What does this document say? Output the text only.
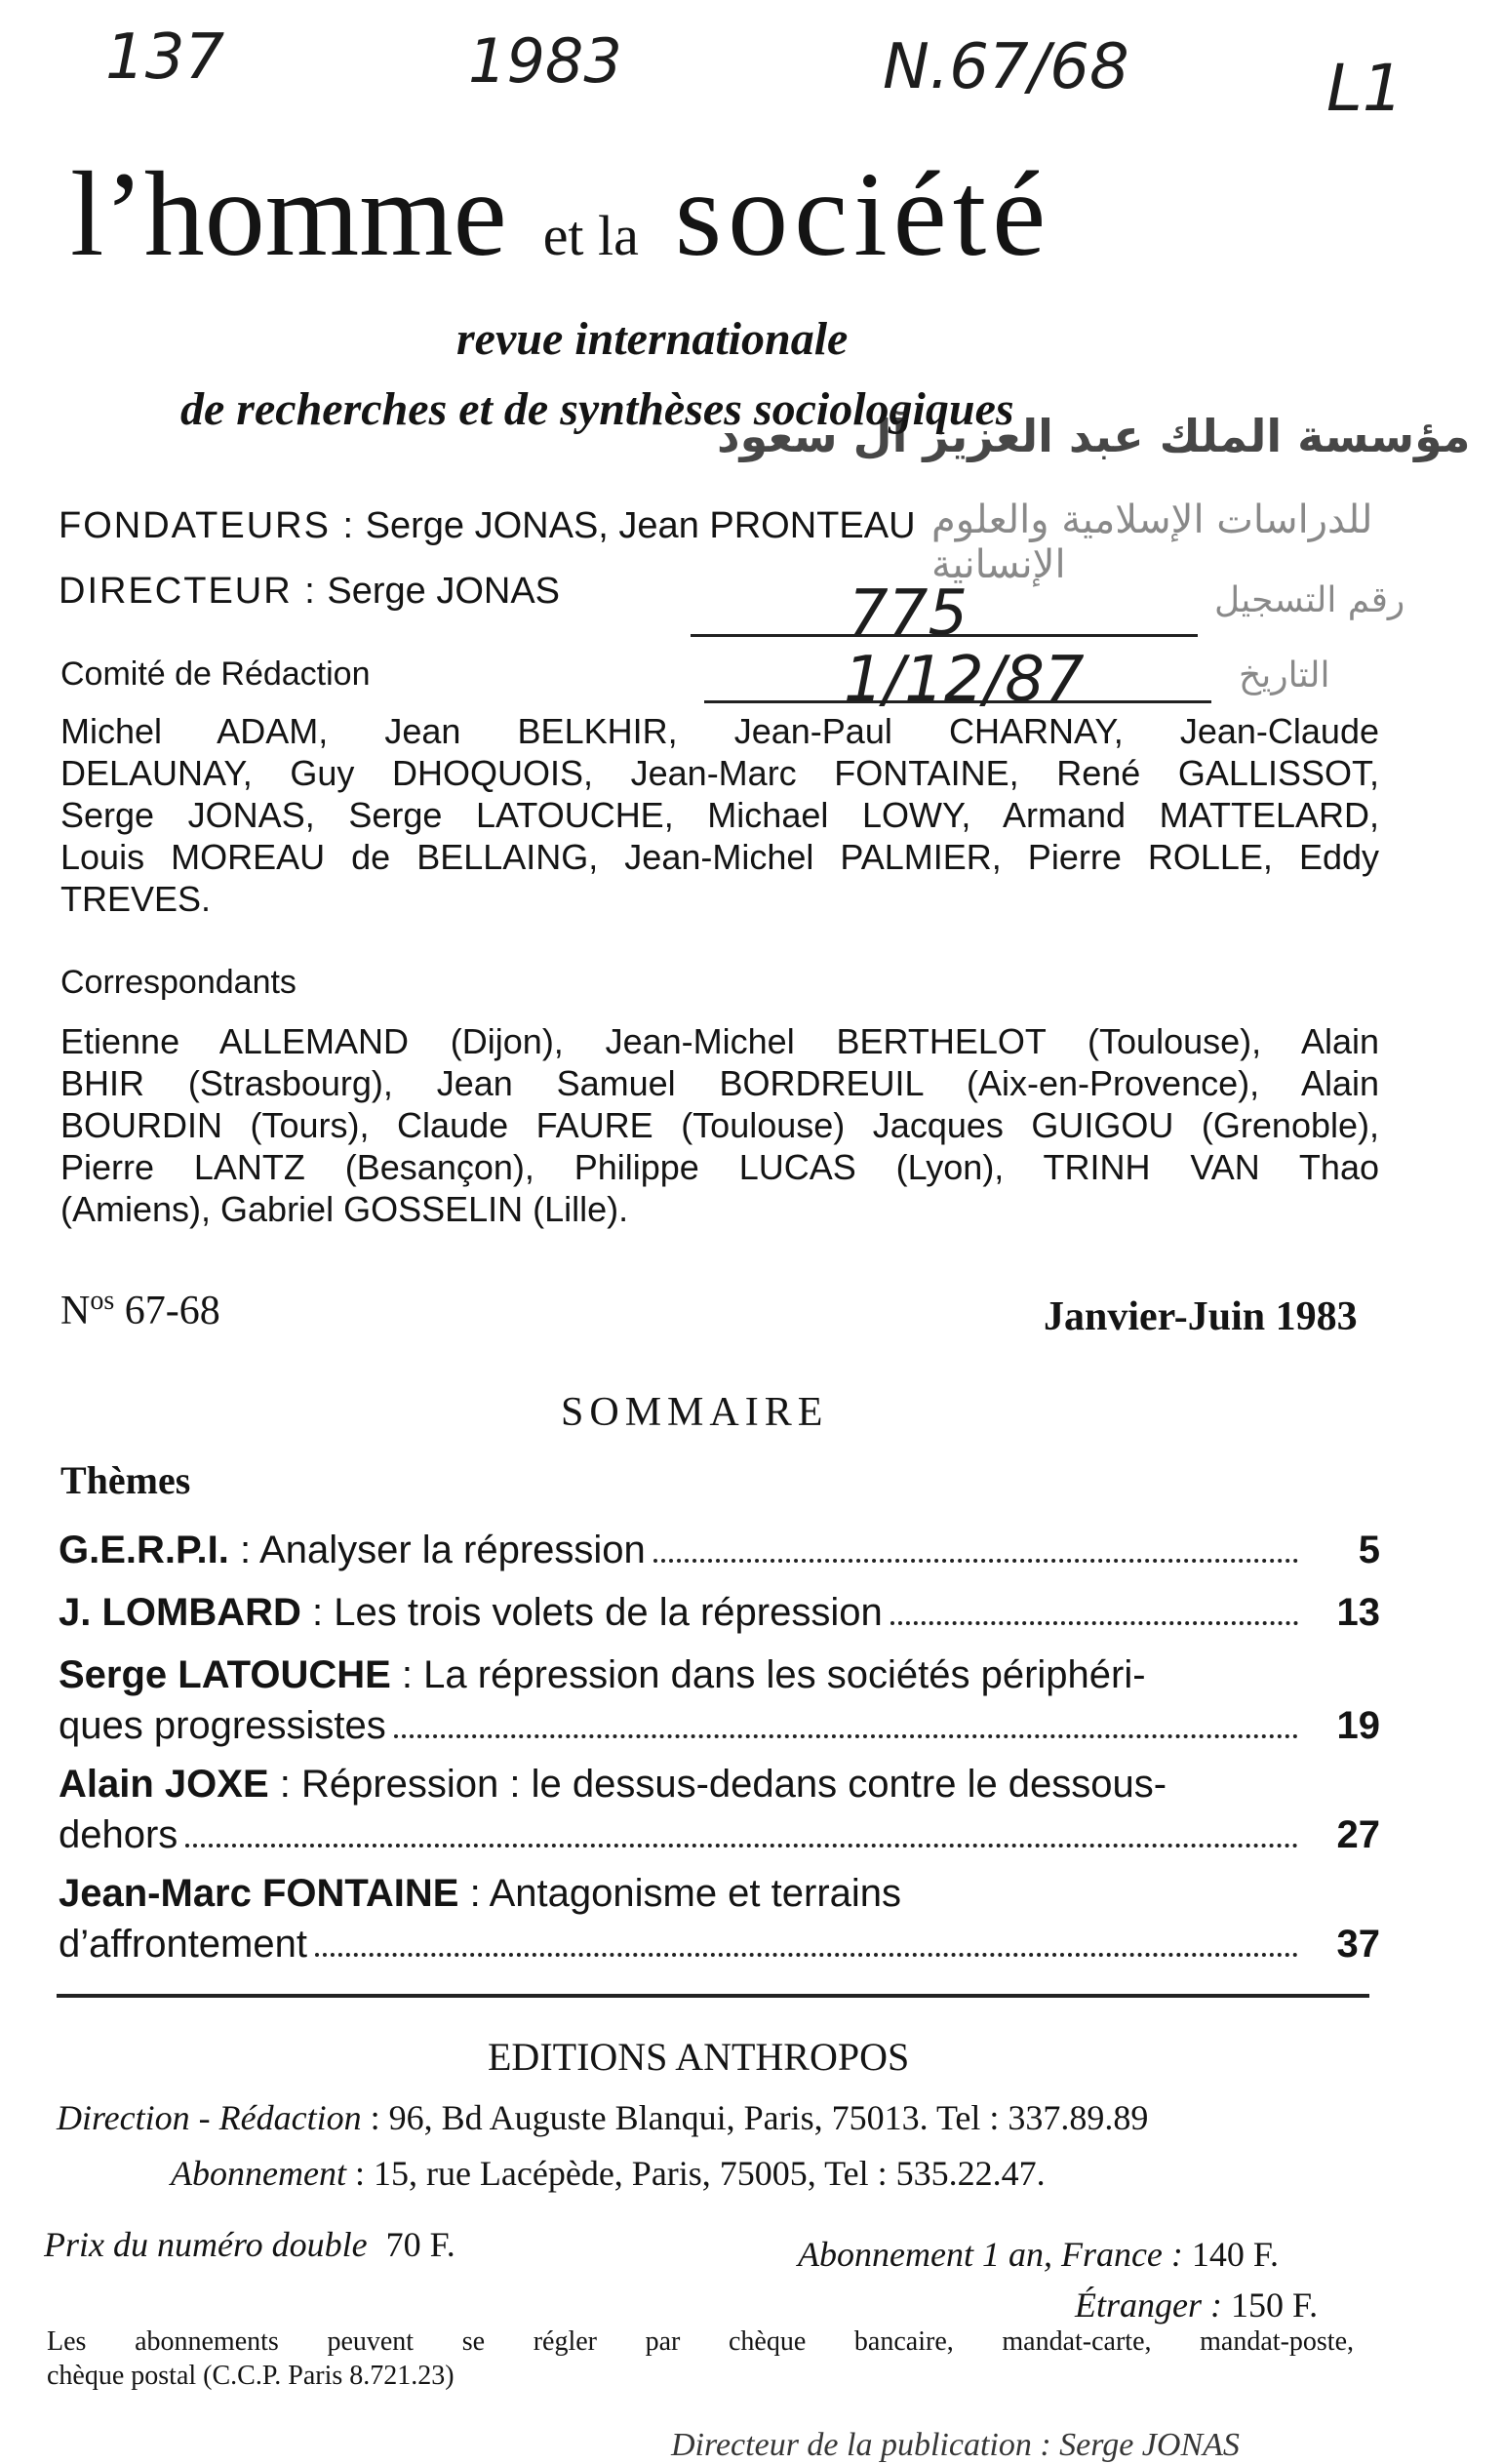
137	1983	N.67/68	L1
l’homme et la société
revue internationale
de recherches et de synthèses sociologiques
مؤسسة الملك عبد العزيز آل سعود
للدراسات الإسلامية والعلوم الإنسانية
رقم التسجيل
التاريخ
775
1/12/87
FONDATEURS : Serge JONAS, Jean PRONTEAU
DIRECTEUR : Serge JONAS
Comité de Rédaction
Michel ADAM, Jean BELKHIR, Jean-Paul CHARNAY, Jean-Claude
DELAUNAY, Guy DHOQUOIS, Jean-Marc FONTAINE, René GALLISSOT,
Serge JONAS, Serge LATOUCHE, Michael LOWY, Armand MATTELARD,
Louis MOREAU de BELLAING, Jean-Michel PALMIER, Pierre ROLLE, Eddy
TREVES.
Correspondants
Etienne ALLEMAND (Dijon), Jean-Michel BERTHELOT (Toulouse), Alain
BHIR (Strasbourg), Jean Samuel BORDREUIL (Aix-en-Provence), Alain
BOURDIN (Tours), Claude FAURE (Toulouse) Jacques GUIGOU (Grenoble),
Pierre LANTZ (Besançon), Philippe LUCAS (Lyon), TRINH VAN Thao
(Amiens), Gabriel GOSSELIN (Lille).
$N^{os}$ 67-68	Janvier-Juin 1983
SOMMAIRE
Thèmes
G.E.R.P.I. : Analyser la répression	5
J. LOMBARD : Les trois volets de la répression	13
Serge LATOUCHE : La répression dans les sociétés périphéri-
ques progressistes	19
Alain JOXE : Répression : le dessus-dedans contre le dessous-
dehors	27
Jean-Marc FONTAINE : Antagonisme et terrains
d’affrontement	37
EDITIONS ANTHROPOS
Direction - Rédaction : 96, Bd Auguste Blanqui, Paris, 75013. Tel : 337.89.89
Abonnement : 15, rue Lacépède, Paris, 75005, Tel : 535.22.47.
Prix du numéro double 70 F.	Abonnement 1 an, France : 140 F.
Étranger : 150 F.
Les abonnements peuvent se régler par chèque bancaire, mandat-carte, mandat-poste,
chèque postal (C.C.P. Paris 8.721.23)
Directeur de la publication : Serge JONAS
